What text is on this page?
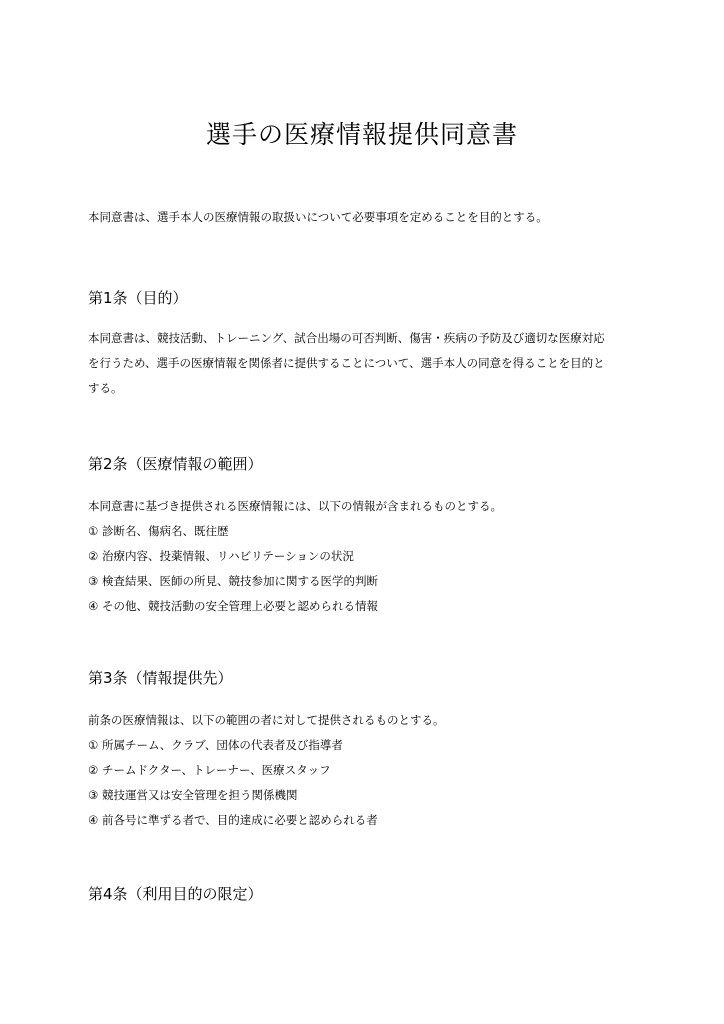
選手の医療情報提供同意書

本同意書は、選手本人の医療情報の取扱いについて必要事項を定めることを目的とする。

第1条（目的）

本同意書は、競技活動、トレーニング、試合出場の可否判断、傷害・疾病の予防及び適切な医療対応

を行うため、選手の医療情報を関係者に提供することについて、選手本人の同意を得ることを目的と

する。

第2条（医療情報の範囲）

本同意書に基づき提供される医療情報には、以下の情報が含まれるものとする。

① 診断名、傷病名、既往歴
② 治療内容、投薬情報、リハビリテーションの状況
③ 検査結果、医師の所見、競技参加に関する医学的判断
④ その他、競技活動の安全管理上必要と認められる情報
第3条（情報提供先）

前条の医療情報は、以下の範囲の者に対して提供されるものとする。

① 所属チーム、クラブ、団体の代表者及び指導者
② チームドクター、トレーナー、医療スタッフ
③ 競技運営又は安全管理を担う関係機関
④ 前各号に準ずる者で、目的達成に必要と認められる者
第4条（利用目的の限定）
